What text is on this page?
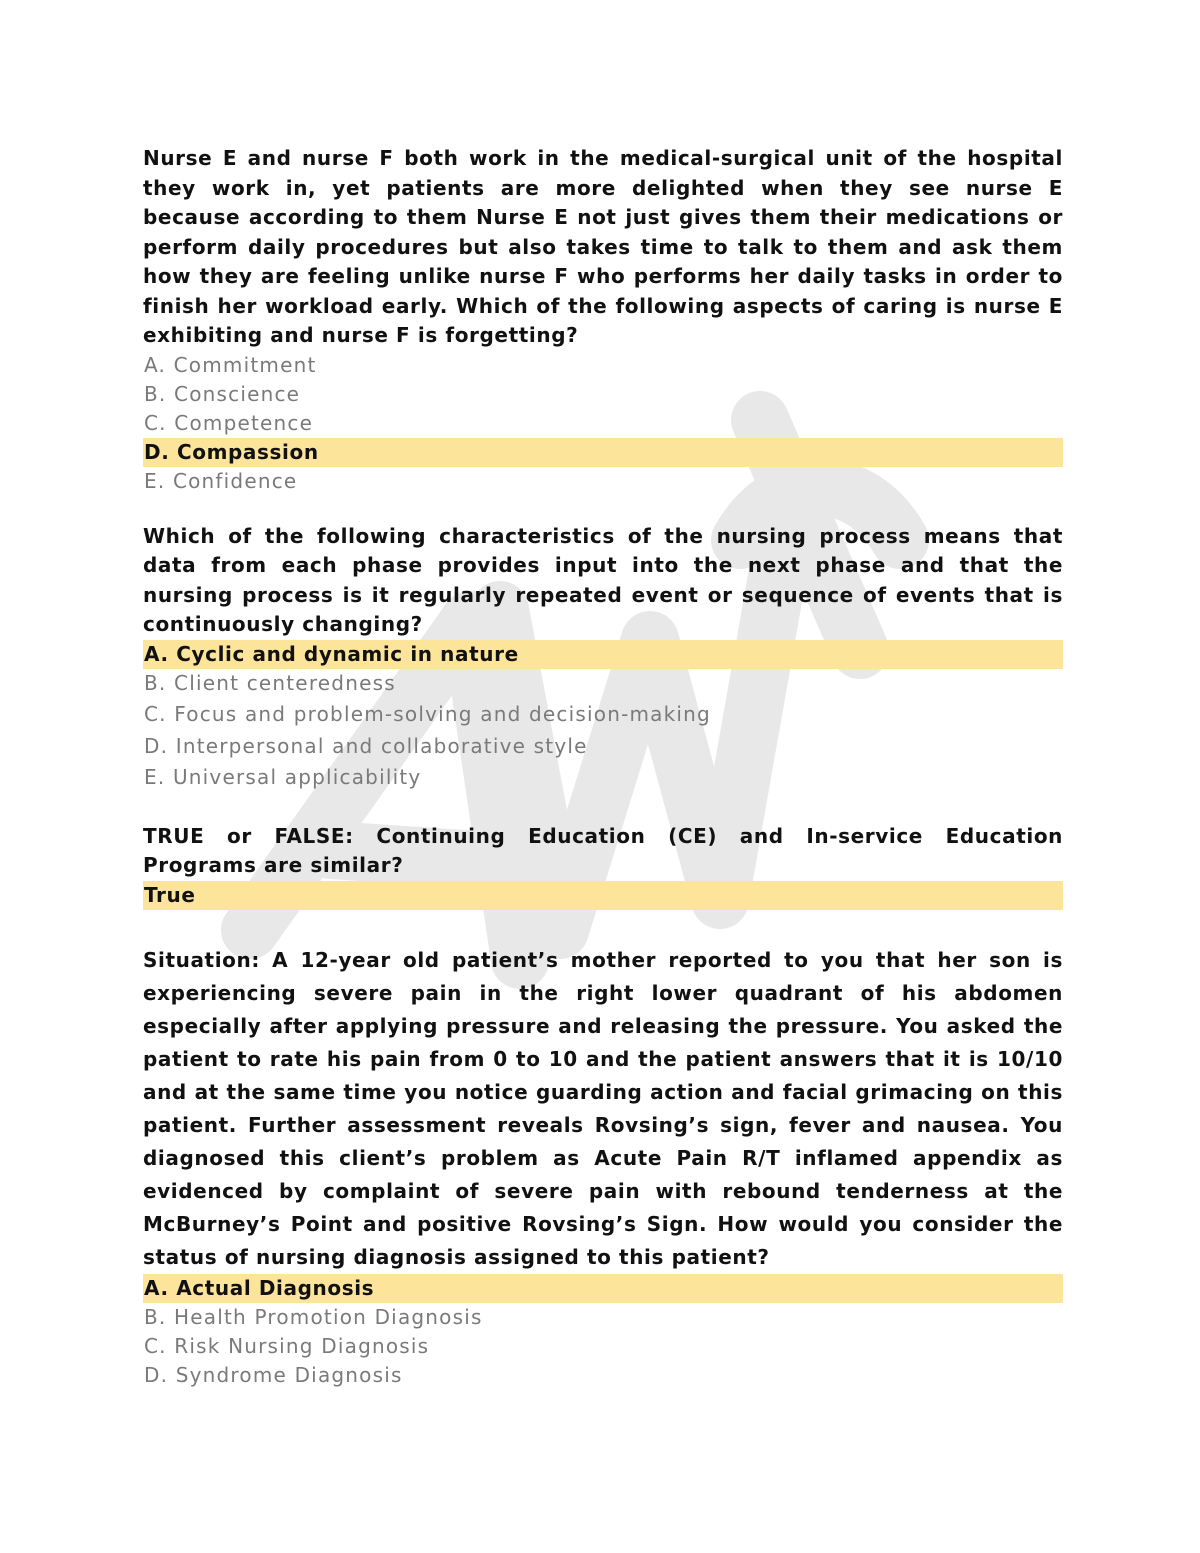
Nurse E and nurse F both work in the medical-surgical unit of the hospital they work in, yet patients are more delighted when they see nurse E because according to them Nurse E not just gives them their medications or perform daily procedures but also takes time to talk to them and ask them how they are feeling unlike nurse F who performs her daily tasks in order to finish her workload early. Which of the following aspects of caring is nurse E exhibiting and nurse F is forgetting?

A. Commitment
B. Conscience
C. Competence
D. Compassion
E. Confidence

Which of the following characteristics of the nursing process means that data from each phase provides input into the next phase and that the nursing process is it regularly repeated event or sequence of events that is continuously changing?

A. Cyclic and dynamic in nature
B. Client centeredness
C. Focus and problem-solving and decision-making
D. Interpersonal and collaborative style
E. Universal applicability

TRUE or FALSE: Continuing Education (CE) and In-service Education Programs are similar?

True

Situation: A 12-year old patient’s mother reported to you that her son is experiencing severe pain in the right lower quadrant of his abdomen especially after applying pressure and releasing the pressure. You asked the patient to rate his pain from 0 to 10 and the patient answers that it is 10/10 and at the same time you notice guarding action and facial grimacing on this patient. Further assessment reveals Rovsing’s sign, fever and nausea. You diagnosed this client’s problem as Acute Pain R/T inflamed appendix as evidenced by complaint of severe pain with rebound tenderness at the McBurney’s Point and positive Rovsing’s Sign. How would you consider the status of nursing diagnosis assigned to this patient?

A. Actual Diagnosis
B. Health Promotion Diagnosis
C. Risk Nursing Diagnosis
D. Syndrome Diagnosis
